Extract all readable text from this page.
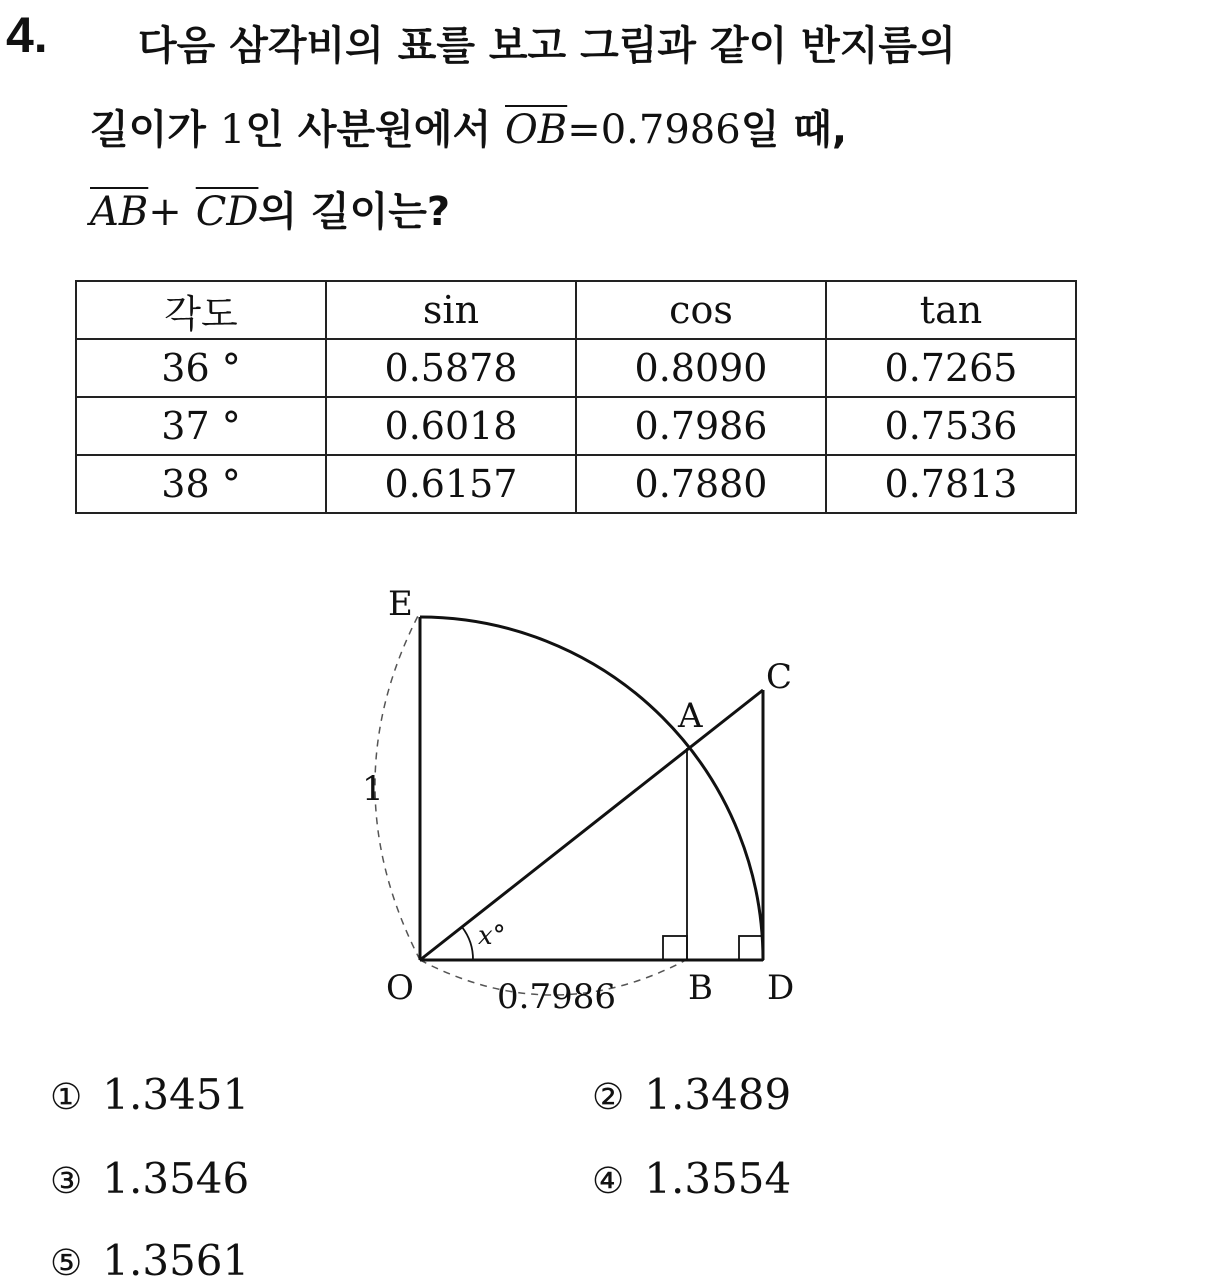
4. 다음 삼각비의 표를 보고 그림과 같이 반지름의
길이가 1인 사분원에서 $\overline{OB}=0.7986$일 때,
$\overline{AB}+ \overline{CD}$의 길이는?
각도	sin	cos	tan
36 °	0.5878	0.8090	0.7265
37 °	0.6018	0.7986	0.7536
38 °	0.6157	0.7880	0.7813
E
C
A
O	B D
1
0.7986
x°
① 1.3451	② 1.3489
③ 1.3546	④ 1.3554
⑤ 1.3561
